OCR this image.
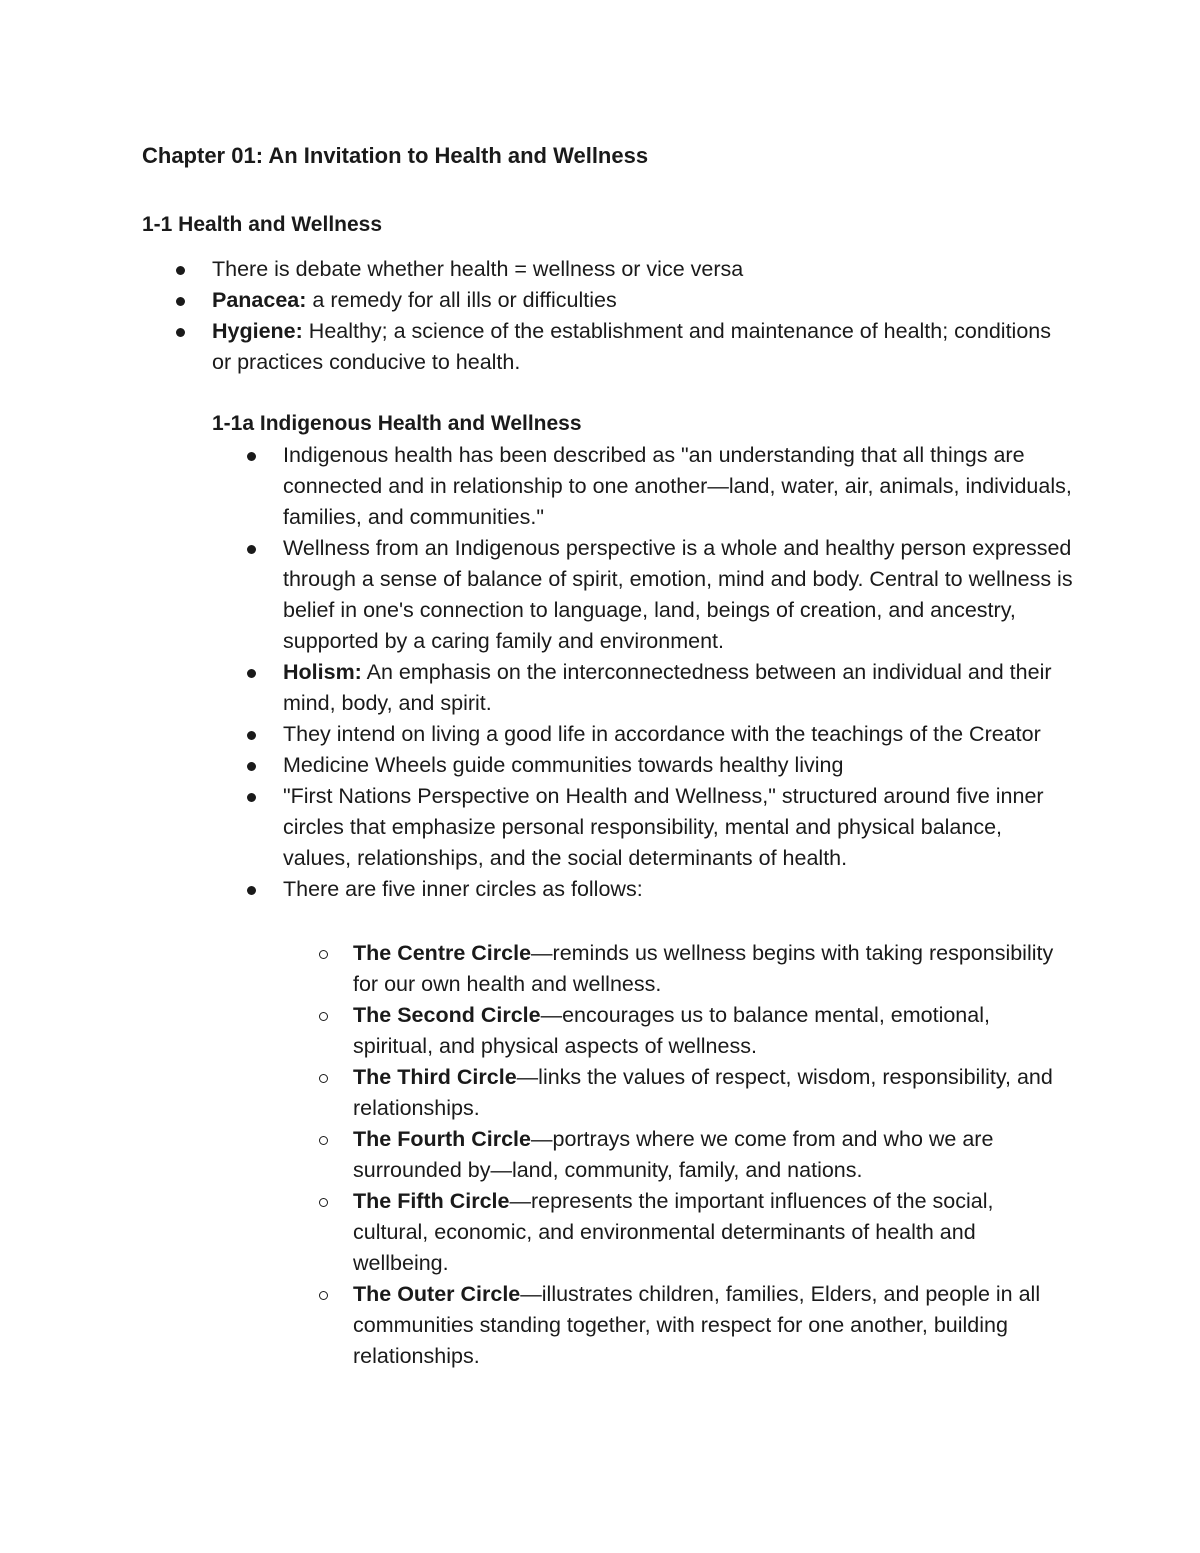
Chapter 01: An Invitation to Health and Wellness
1-1 Health and Wellness
There is debate whether health = wellness or vice versa
Panacea: a remedy for all ills or difficulties
Hygiene: Healthy; a science of the establishment and maintenance of health; conditions or practices conducive to health.
1-1a Indigenous Health and Wellness
Indigenous health has been described as "an understanding that all things are connected and in relationship to one another—land, water, air, animals, individuals, families, and communities."
Wellness from an Indigenous perspective is a whole and healthy person expressed through a sense of balance of spirit, emotion, mind and body. Central to wellness is belief in one's connection to language, land, beings of creation, and ancestry, supported by a caring family and environment.
Holism: An emphasis on the interconnectedness between an individual and their mind, body, and spirit.
They intend on living a good life in accordance with the teachings of the Creator
Medicine Wheels guide communities towards healthy living
"First Nations Perspective on Health and Wellness," structured around five inner circles that emphasize personal responsibility, mental and physical balance, values, relationships, and the social determinants of health.
There are five inner circles as follows:
The Centre Circle—reminds us wellness begins with taking responsibility for our own health and wellness.
The Second Circle—encourages us to balance mental, emotional, spiritual, and physical aspects of wellness.
The Third Circle—links the values of respect, wisdom, responsibility, and relationships.
The Fourth Circle—portrays where we come from and who we are surrounded by—land, community, family, and nations.
The Fifth Circle—represents the important influences of the social, cultural, economic, and environmental determinants of health and wellbeing.
The Outer Circle—illustrates children, families, Elders, and people in all communities standing together, with respect for one another, building relationships.
